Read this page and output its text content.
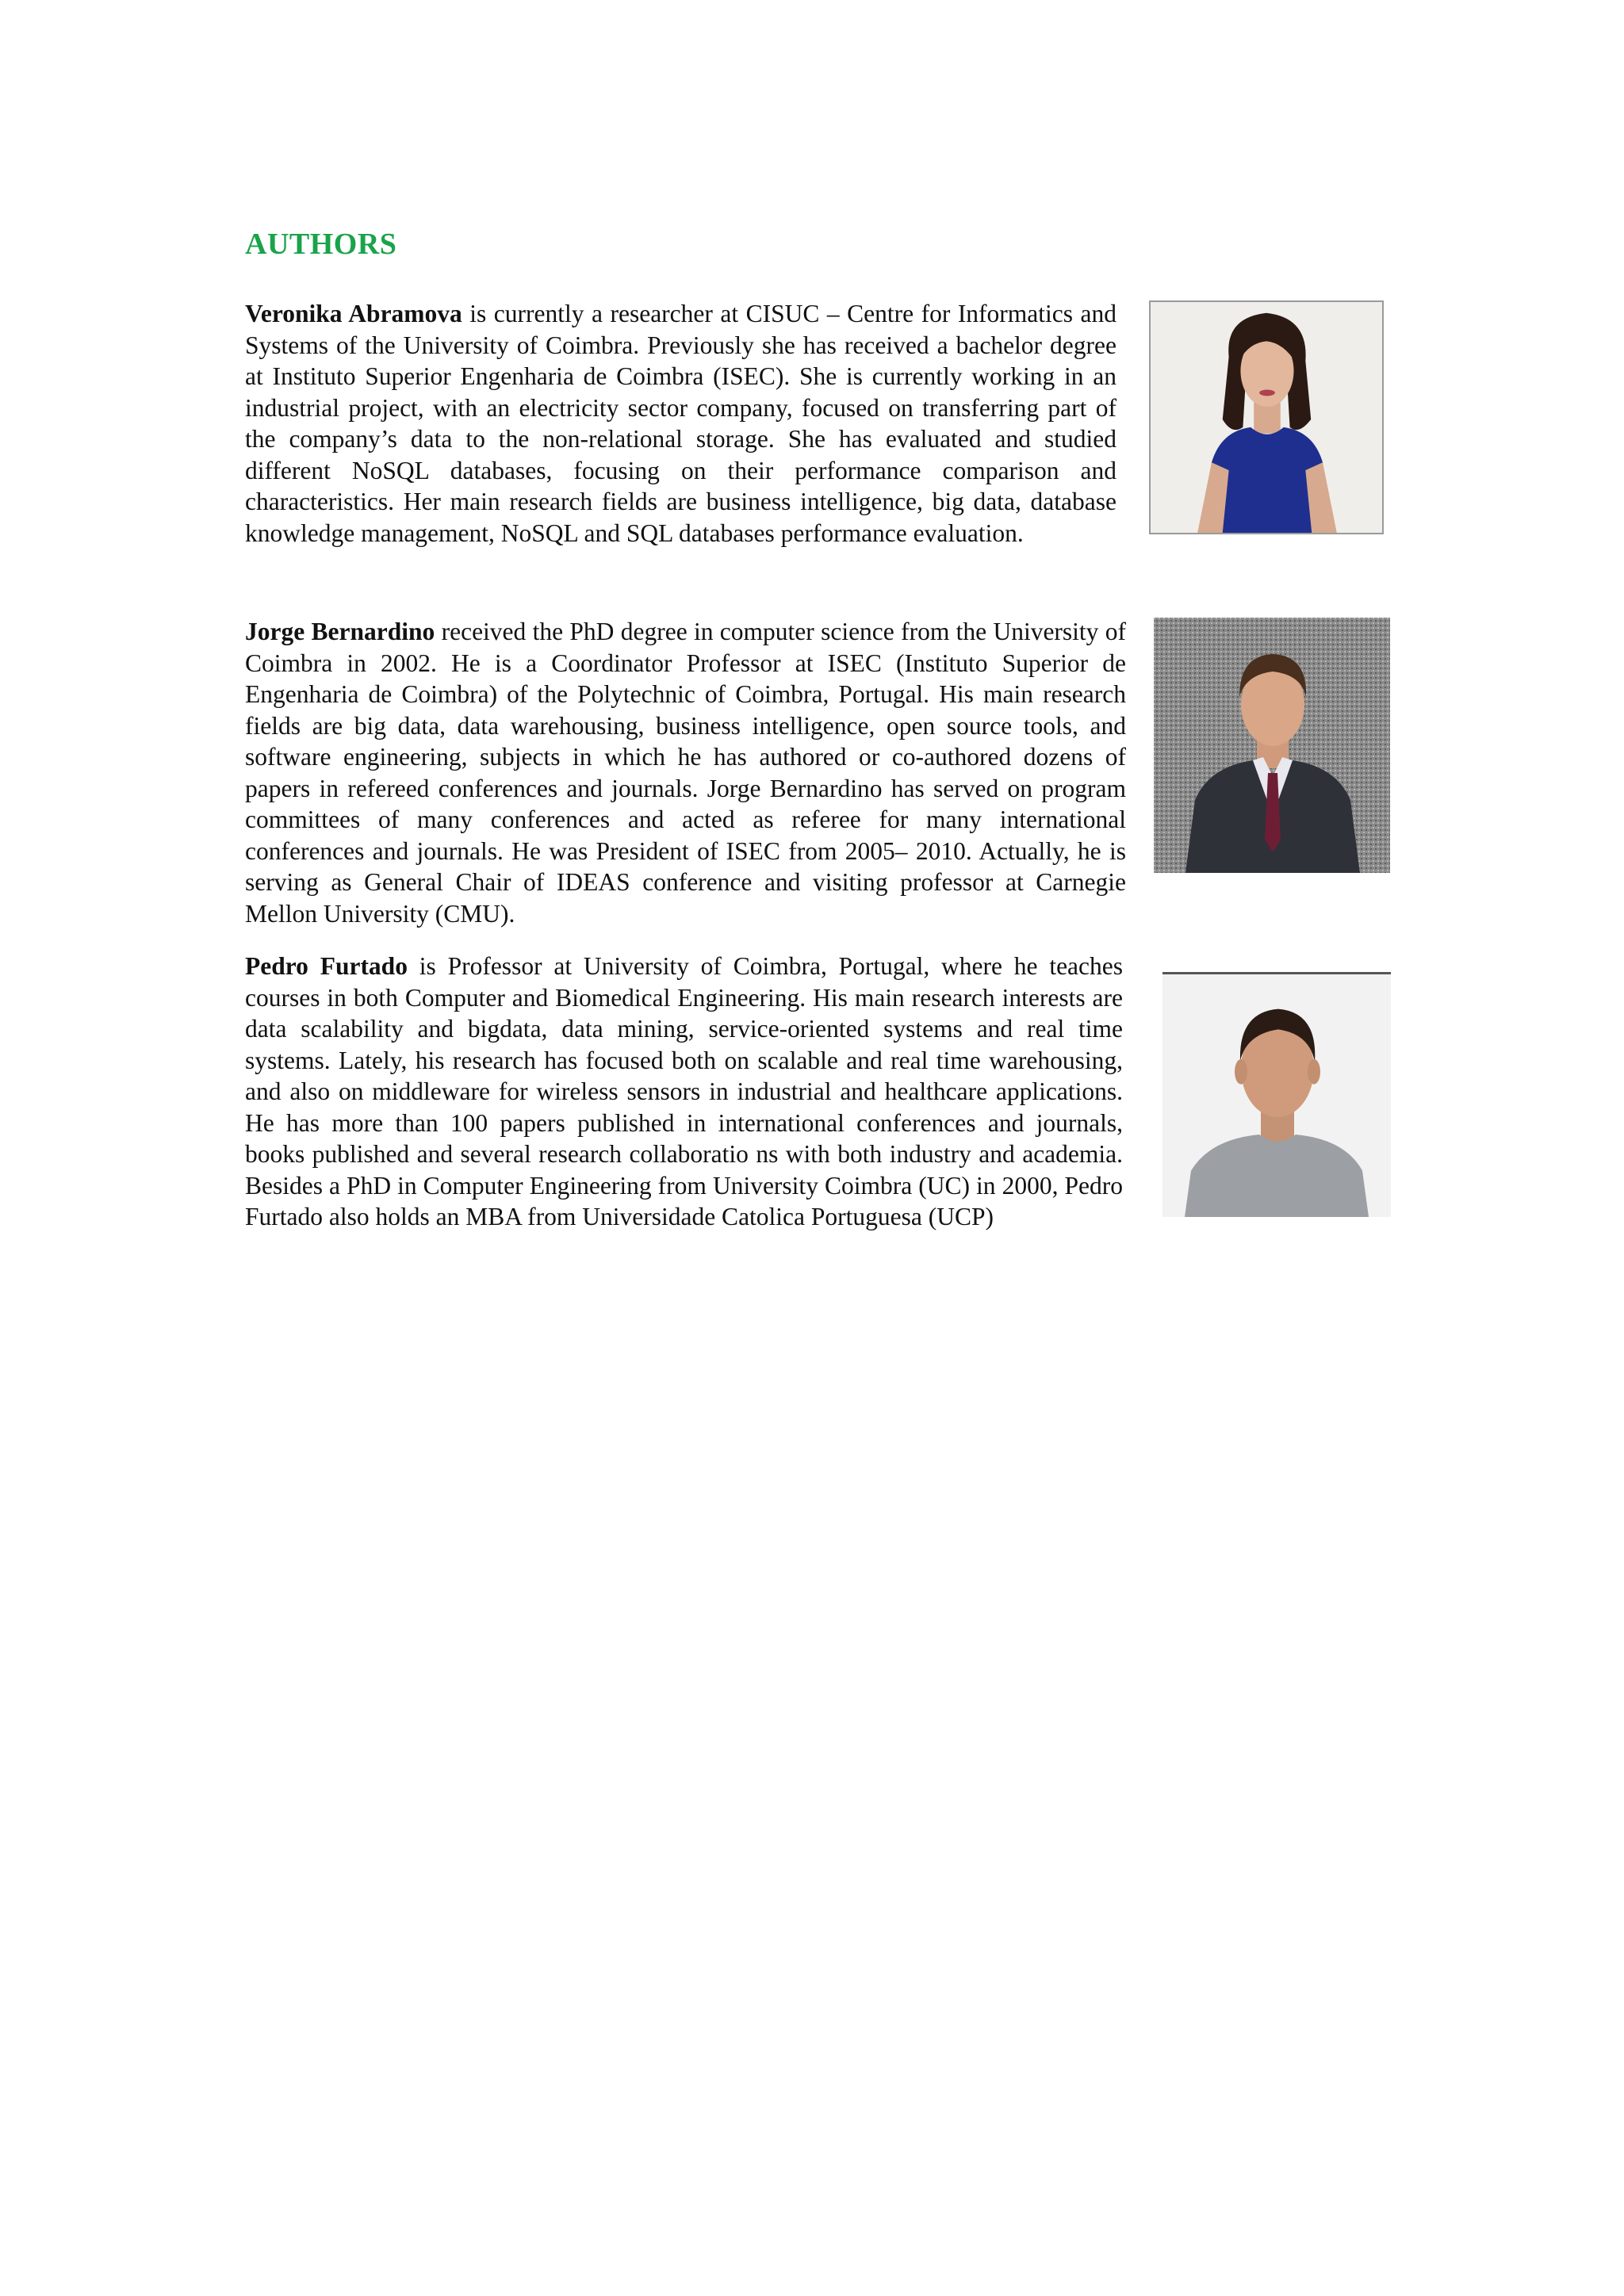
AUTHORS

Veronika Abramova is currently a researcher at CISUC – Centre for Informatics and Systems of the University of Coimbra. Previously she has received a bachelor degree at Instituto Superior Engenharia de Coimbra (ISEC). She is currently working in an industrial project, with an electricity sector company, focused on transferring part of the company’s data to the non-relational storage. She has evaluated and studied different NoSQL databases, focusing on their performance comparison and characteristics. Her main research fields are business intelligence, big data, database knowledge management, NoSQL and SQL databases performance evaluation.

Jorge Bernardino received the PhD degree in computer science from the University of Coimbra in 2002. He is a Coordinator Professor at ISEC (Instituto Superior de Engenharia de Coimbra) of the Polytechnic of Coimbra, Portugal. His main research fields are big data, data warehousing, business intelligence, open source tools, and software engineering, subjects in which he has authored or co-authored dozens of papers in refereed conferences and journals. Jorge Bernardino has served on program committees of many conferences and acted as referee for many international conferences and journals. He was President of ISEC from 2005– 2010. Actually, he is serving as General Chair of IDEAS conference and visiting professor at Carnegie Mellon University (CMU).

Pedro Furtado is Professor at University of Coimbra, Portugal, where he teaches courses in both Computer and Biomedical Engineering. His main research interests are data scalability and bigdata, data mining, service-oriented systems and real time systems. Lately, his research has focused both on scalable and real time warehousing, and also on middleware for wireless sensors in industrial and healthcare applications. He has more than 100 papers published in international conferences and journals, books published and several research collaboratio ns with both industry and academia. Besides a PhD in Computer Engineering from University Coimbra (UC) in 2000, Pedro Furtado also holds an MBA from Universidade Catolica Portuguesa (UCP)
